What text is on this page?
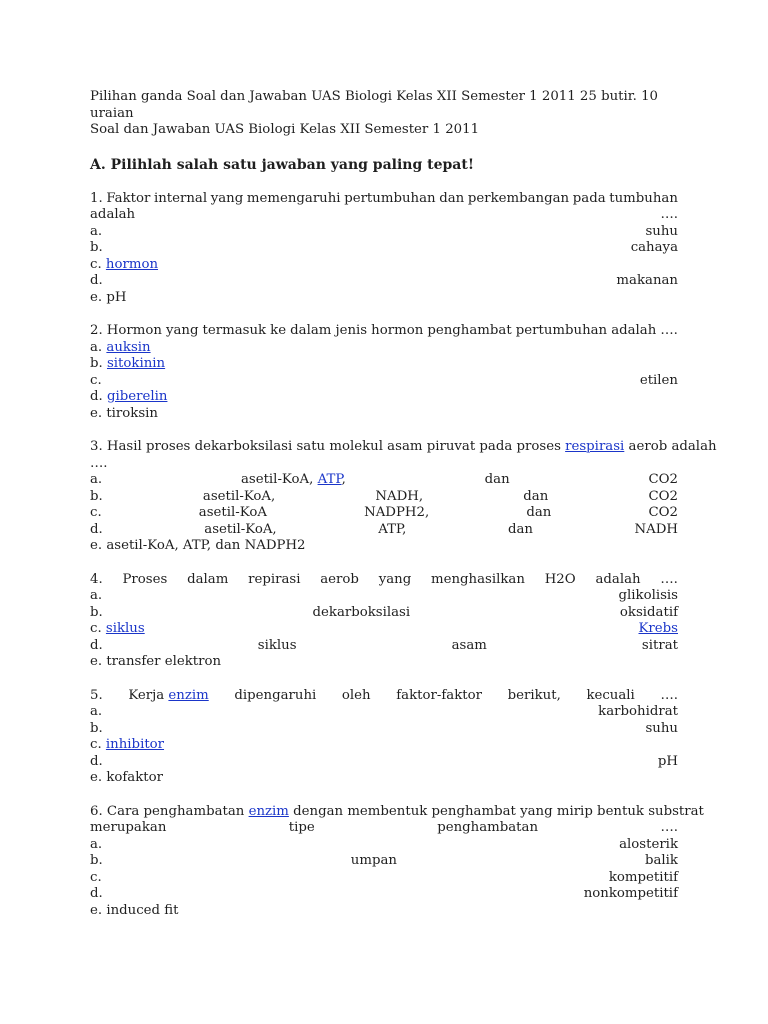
Pilihan ganda Soal dan Jawaban UAS Biologi Kelas XII Semester 1 2011 25 butir. 10 uraian
Soal dan Jawaban UAS Biologi Kelas XII Semester 1 2011
A. Pilihlah salah satu jawaban yang paling tepat!
1. Faktor internal yang memengaruhi pertumbuhan dan perkembangan pada tumbuhan
adalah	….
a.	suhu
b.	cahaya
c.
hormon
d.	makanan
e. pH
2. Hormon yang termasuk ke dalam jenis hormon penghambat pertumbuhan adalah ….
a.
auksin
b.
sitokinin
c.	etilen
d.
giberelin
e. tiroksin
3. Hasil proses dekarboksilasi satu molekul asam piruvat pada proses
respirasi
aerob adalah
….
a.	asetil-KoA, ATP,	dan	CO2
b.	asetil-KoA,	NADH,	dan	CO2
c.	asetil-KoA	NADPH2,	dan	CO2
d.	asetil-KoA,	ATP,	dan	NADH
e. asetil-KoA, ATP, dan NADPH2
4. Proses dalam repirasi aerob yang menghasilkan H2O adalah ….
a.	glikolisis
b.	dekarboksilasi	oksidatif
c. siklus	Krebs
d.	siklus	asam	sitrat
e. transfer elektron
5. Kerja enzim dipengaruhi oleh faktor-faktor berikut, kecuali ….
a.	karbohidrat
b.	suhu
c.
inhibitor
d.	pH
e. kofaktor
6. Cara penghambatan
enzim
dengan membentuk penghambat yang mirip bentuk substrat
merupakan	tipe	penghambatan	….
a.	alosterik
b.	umpan	balik
c.	kompetitif
d.	nonkompetitif
e. induced fit
